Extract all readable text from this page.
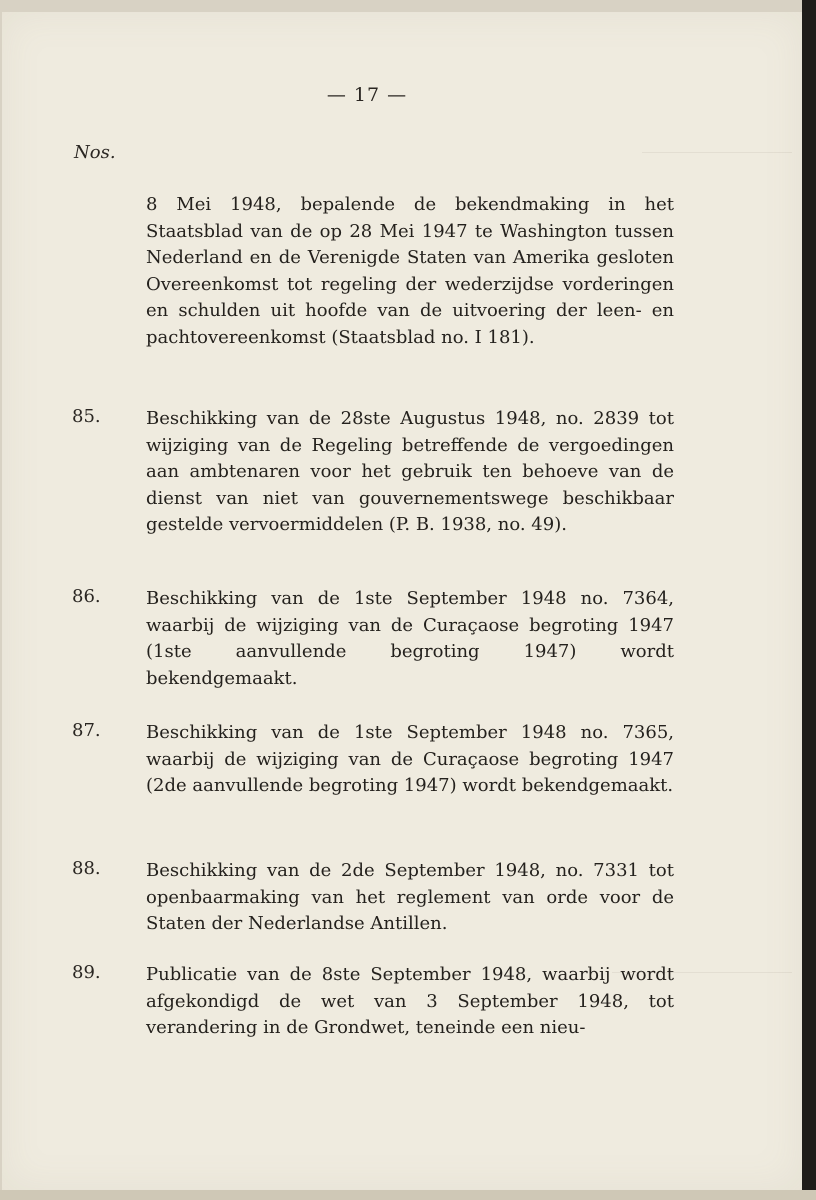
— 17 —
Nos.
8 Mei 1948, bepalende de bekendmaking in het Staatsblad van de op 28 Mei 1947 te Washington tussen Nederland en de Verenigde Staten van Amerika gesloten Overeenkomst tot regeling der wederzijdse vorderingen en schulden uit hoofde van de uitvoering der leen- en pachtovereenkomst (Staatsblad no. I 181).
85.	Beschikking van de 28ste Augustus 1948, no. 2839 tot wijziging van de Regeling betreffende de vergoedingen aan ambtenaren voor het gebruik ten behoeve van de dienst van niet van gouvernementswege beschikbaar gestelde vervoermiddelen (P. B. 1938, no. 49).
86.	Beschikking van de 1ste September 1948 no. 7364, waarbij de wijziging van de Curaçaose begroting 1947 (1ste aanvullende begroting 1947) wordt bekendgemaakt.
87.	Beschikking van de 1ste September 1948 no. 7365, waarbij de wijziging van de Curaçaose begroting 1947 (2de aanvullende begroting 1947) wordt bekendgemaakt.
88.	Beschikking van de 2de September 1948, no. 7331 tot openbaarmaking van het reglement van orde voor de Staten der Nederlandse Antillen.
89.	Publicatie van de 8ste September 1948, waarbij wordt afgekondigd de wet van 3 September 1948, tot verandering in de Grondwet, teneinde een nieu-
